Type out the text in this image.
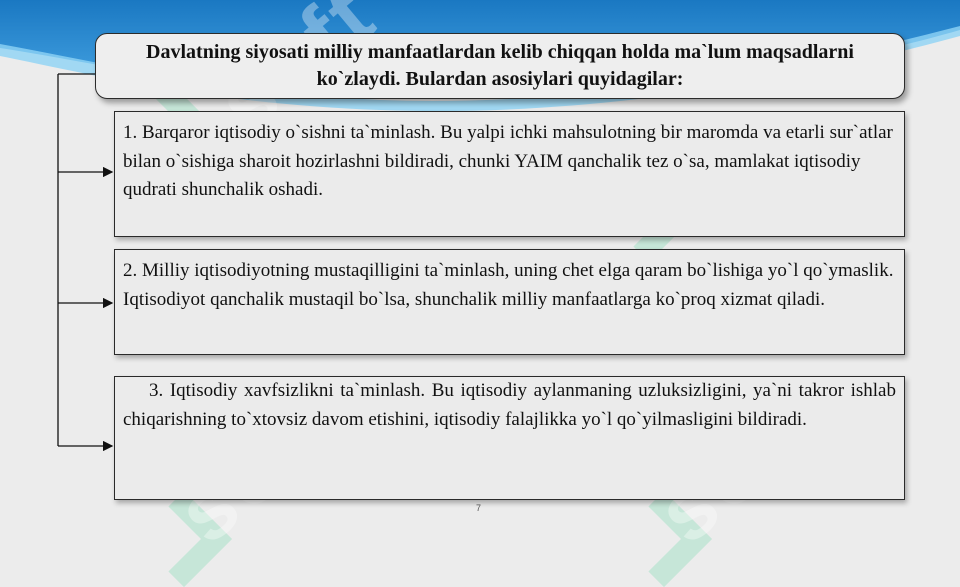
Davlatning siyosati milliy manfaatlardan kelib chiqqan holda ma`lum maqsadlarni ko`zlaydi. Bulardan asosiylari quyidagilar:
1. Barqaror iqtisodiy o`sishni ta`minlash. Bu yalpi ichki mahsulotning bir maromda va etarli sur`atlar bilan o`sishiga sharoit hozirlashni bildiradi, chunki YAIM qanchalik tez o`sa, mamlakat iqtisodiy qudrati shunchalik oshadi.
2. Milliy iqtisodiyotning mustaqilligini ta`minlash, uning chet elga qaram bo`lishiga yo`l qo`ymaslik. Iqtisodiyot qanchalik mustaqil bo`lsa, shunchalik milliy manfaatlarga ko`proq xizmat qiladi.
3. Iqtisodiy xavfsizlikni ta`minlash. Bu iqtisodiy aylanmaning uzluksizligini, ya`ni takror ishlab chiqarishning to`xtovsiz davom etishini, iqtisodiy falajlikka yo`l qo`yilmasligini bildiradi.
7
